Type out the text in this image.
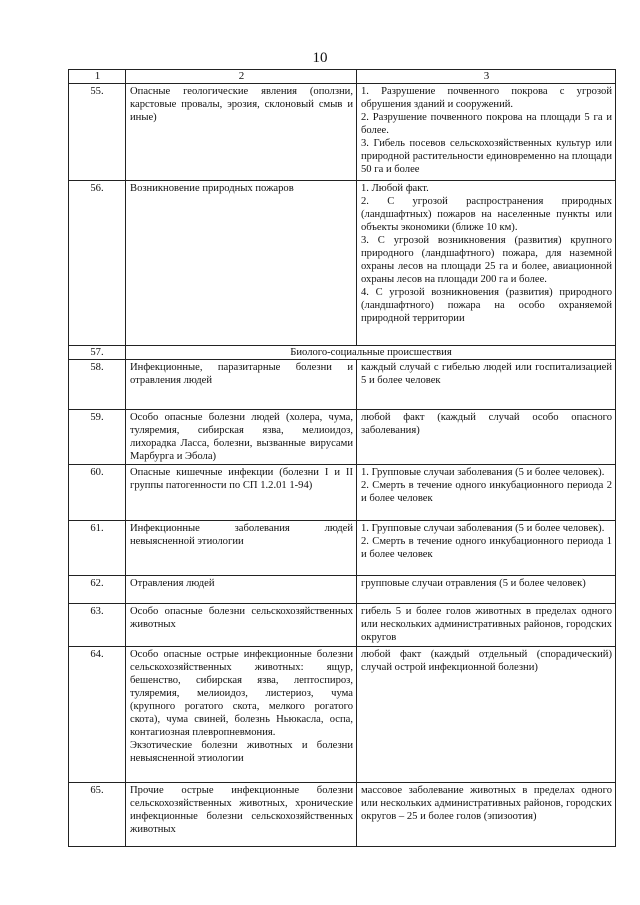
10
1	2	3
55.	Опасные геологические явления (оползни, карстовые провалы, эрозия, склоновый смыв и иные)	1. Разрушение почвенного покрова с угрозой обрушения зданий и сооружений.
2. Разрушение почвенного покрова на площади 5 га и более.
3. Гибель посевов сельскохозяйственных культур или природной растительности единовременно на площади 50 га и более

56.	Возникновение природных пожаров	1. Любой факт.
2. С угрозой распространения природных (ландшафтных) пожаров на населенные пункты или объекты экономики (ближе 10 км).
3. С угрозой возникновения (развития) крупного природного (ландшафтного) пожара, для наземной охраны лесов на площади 25 га и более, авиационной охраны лесов на площади 200 га и более.
4. С угрозой возникновения (развития) природного (ландшафтного) пожара на особо охраняемой природной территории

57.	Биолого-социальные происшествия	
58.	Инфекционные, паразитарные болезни и отравления людей	каждый случай с гибелью людей или госпитализацией 5 и более человек

59.	Особо опасные болезни людей (холера, чума, туляремия, сибирская язва, мелиоидоз, лихорадка Ласса, болезни, вызванные вирусами Марбурга и Эбола)	любой факт (каждый случай особо опасного заболевания)

60.	Опасные кишечные инфекции (болезни I и II группы патогенности по СП 1.2.01 1-94)	1. Групповые случаи заболевания (5 и более человек).
2. Смерть в течение одного инкубационного периода 2 и более человек

61.	Инфекционные заболевания людей невыясненной этиологии	1. Групповые случаи заболевания (5 и более человек).
2. Смерть в течение одного инкубационного периода 1 и более человек

62.	Отравления людей	групповые случаи отравления (5 и более человек)

63.	Особо опасные болезни сельскохозяйственных животных	гибель 5 и более голов животных в пределах одного или нескольких административных районов, городских округов

64.	Особо опасные острые инфекционные болезни сельскохозяйственных животных: ящур, бешенство, сибирская язва, лептоспироз, туляремия, мелиоидоз, листериоз, чума (крупного рогатого скота, мелкого рогатого скота), чума свиней, болезнь Ньюкасла, оспа, контагиозная плевропневмония.
Экзотические болезни животных и болезни невыясненной этиологии	любой факт (каждый отдельный (спорадический) случай острой инфекционной болезни)

65.	Прочие острые инфекционные болезни сельскохозяйственных животных, хронические инфекционные болезни сельскохозяйственных животных	массовое заболевание животных в пределах одного или нескольких административных районов, городских округов – 25 и более голов (эпизоотия)
